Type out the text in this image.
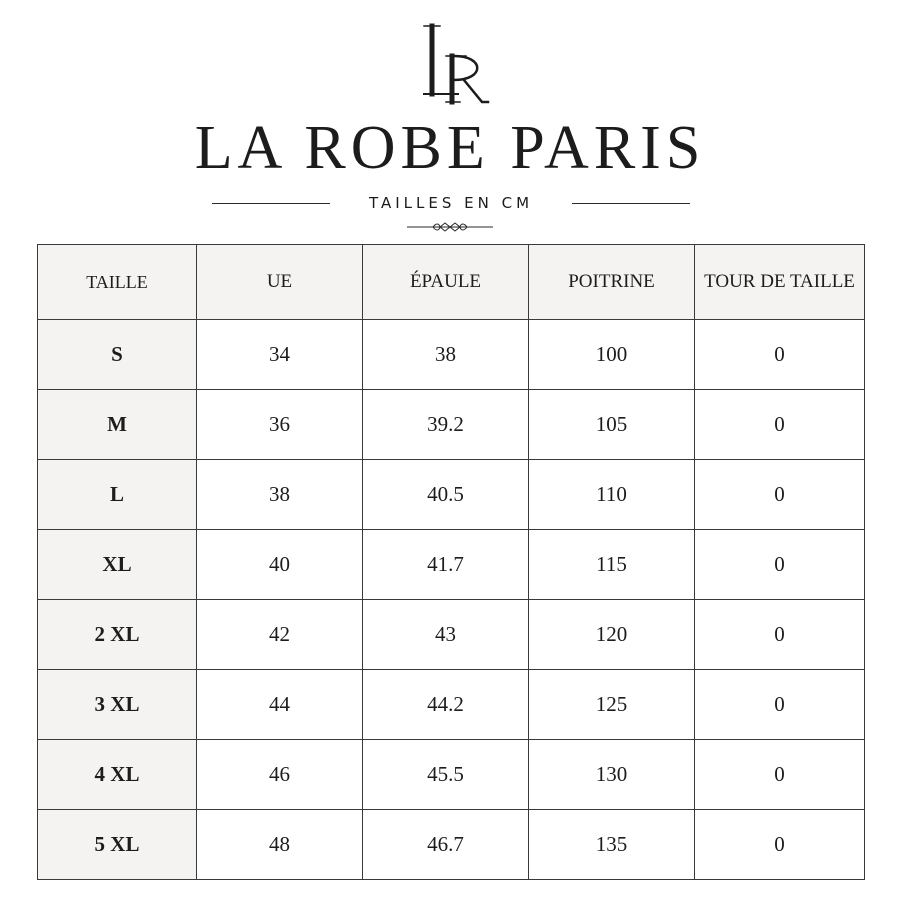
LA ROBE PARIS
TAILLES EN CM
TAILLE	UE	ÉPAULE	POITRINE	TOUR DE TAILLE
S	34	38	100	0
M	36	39.2	105	0
L	38	40.5	110	0
XL	40	41.7	115	0
2 XL	42	43	120	0
3 XL	44	44.2	125	0
4 XL	46	45.5	130	0
5 XL	48	46.7	135	0
